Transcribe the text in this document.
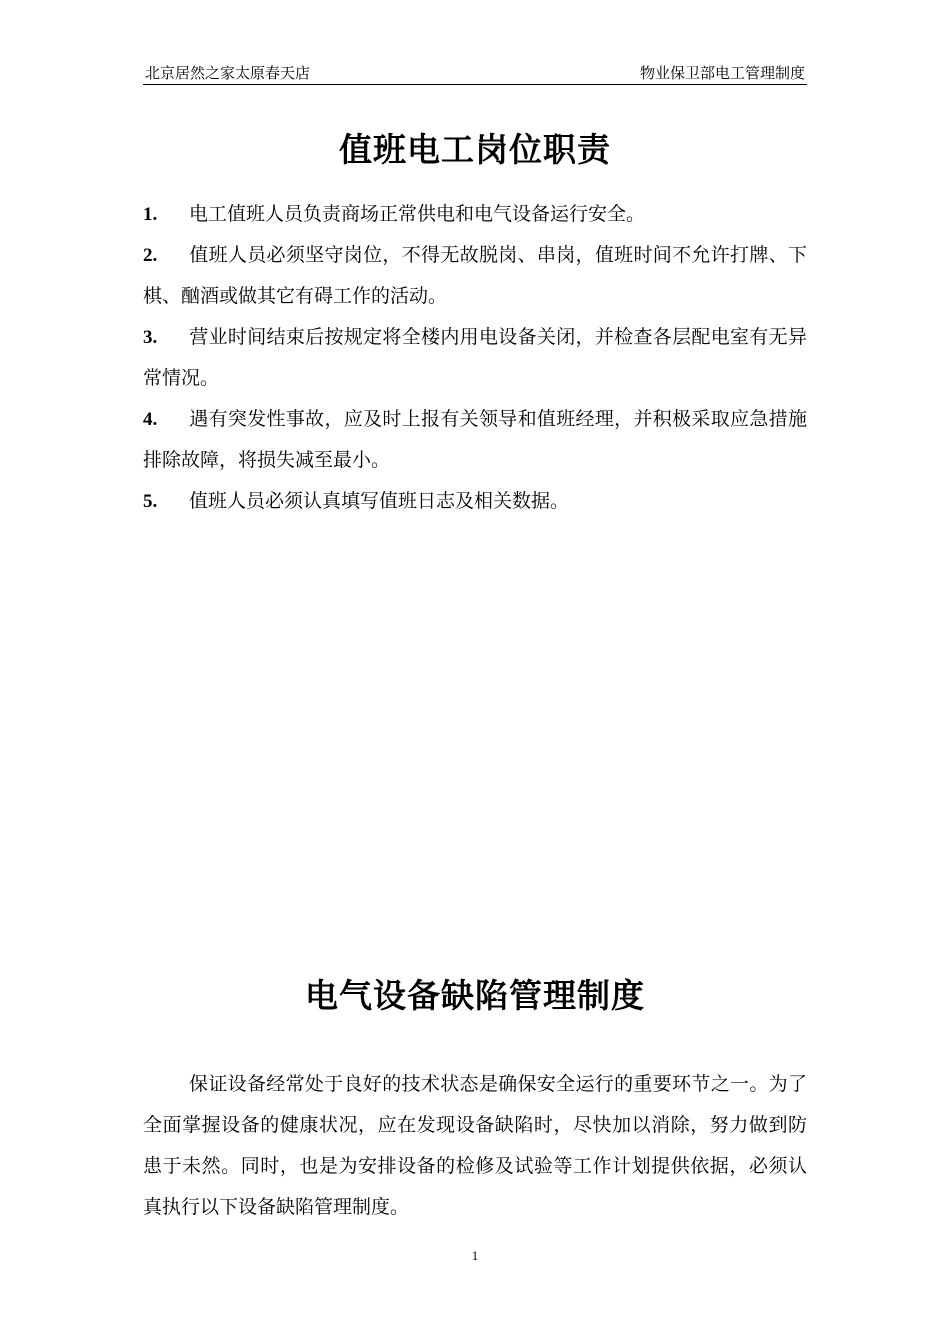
北京居然之家太原春天店	物业保卫部电工管理制度
值班电工岗位职责
1. 电工值班人员负责商场正常供电和电气设备运行安全。
2. 值班人员必须坚守岗位，不得无故脱岗、串岗，值班时间不允许打牌、下棋、酗酒或做其它有碍工作的活动。
3. 营业时间结束后按规定将全楼内用电设备关闭，并检查各层配电室有无异常情况。
4. 遇有突发性事故，应及时上报有关领导和值班经理，并积极采取应急措施排除故障，将损失减至最小。
5. 值班人员必须认真填写值班日志及相关数据。
电气设备缺陷管理制度

保证设备经常处于良好的技术状态是确保安全运行的重要环节之一。为了全面掌握设备的健康状况，应在发现设备缺陷时，尽快加以消除，努力做到防患于未然。同时，也是为安排设备的检修及试验等工作计划提供依据，必须认真执行以下设备缺陷管理制度。

1
